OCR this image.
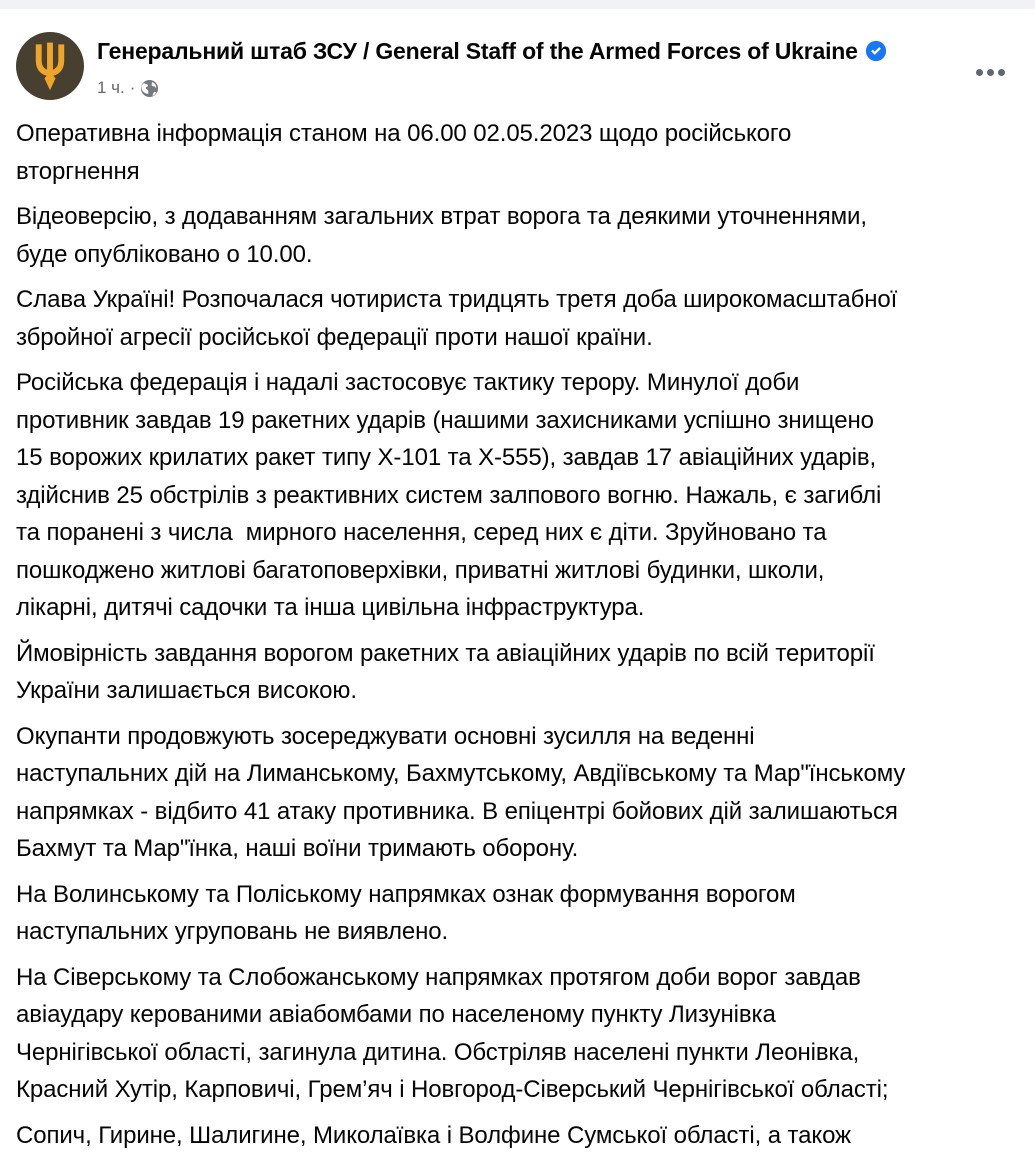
Генеральний штаб ЗСУ / General Staff of the Armed Forces of Ukraine
1 ч. ·
Оперативна інформація станом на 06.00 02.05.2023 щодо російського
вторгнення
Відеоверсію, з додаванням загальних втрат ворога та деякими уточненнями,
буде опубліковано о 10.00.
Слава Україні! Розпочалася чотириста тридцять третя доба широкомасштабної
збройної агресії російської федерації проти нашої країни.
Російська федерація і надалі застосовує тактику терору. Минулої доби
противник завдав 19 ракетних ударів (нашими захисниками успішно знищено
15 ворожих крилатих ракет типу Х-101 та Х-555), завдав 17 авіаційних ударів,
здійснив 25 обстрілів з реактивних систем залпового вогню. Нажаль, є загиблі
та поранені з числа  мирного населення, серед них є діти. Зруйновано та
пошкоджено житлові багатоповерхівки, приватні житлові будинки, школи,
лікарні, дитячі садочки та інша цивільна інфраструктура.
Ймовірність завдання ворогом ракетних та авіаційних ударів по всій території
України залишається високою.
Окупанти продовжують зосереджувати основні зусилля на веденні
наступальних дій на Лиманському, Бахмутському, Авдіївському та Мар"їнському
напрямках - відбито 41 атаку противника. В епіцентрі бойових дій залишаються
Бахмут та Мар"їнка, наші воїни тримають оборону.
На Волинському та Поліському напрямках ознак формування ворогом
наступальних угруповань не виявлено.
На Сіверському та Слобожанському напрямках протягом доби ворог завдав
авіаудару керованими авіабомбами по населеному пункту Лизунівка
Чернігівської області, загинула дитина. Обстріляв населені пункти Леонівка,
Красний Хутір, Карповичі, Грем’яч і Новгород-Сіверський Чернігівської області;
Сопич, Гирине, Шалигине, Миколаївка і Волфине Сумської області, а також
